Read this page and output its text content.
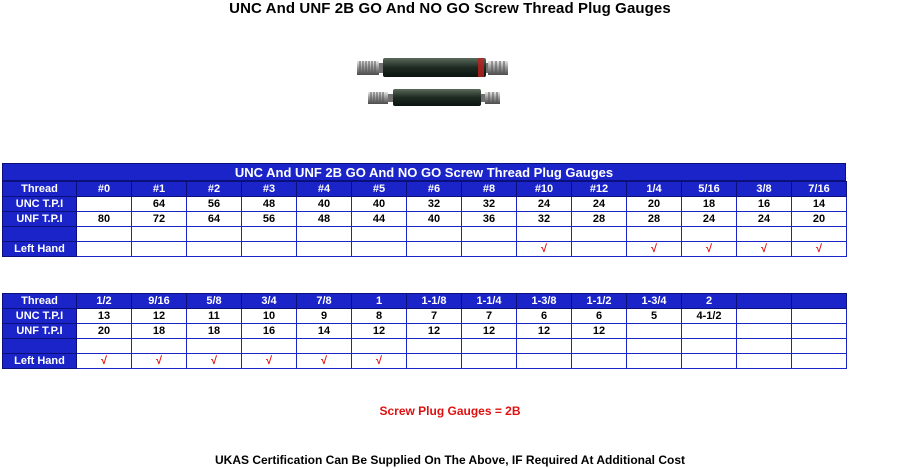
UNC And UNF 2B GO And NO GO Screw Thread Plug Gauges
UNC And UNF 2B GO And NO GO Screw Thread Plug Gauges
Thread	#0	#1	#2	#3	#4	#5	#6	#8	#10	#12	1/4	5/16	3/8	7/16
UNC T.P.I		64	56	48	40	40	32	32	24	24	20	18	16	14
UNF T.P.I	80	72	64	56	48	44	40	36	32	28	28	24	24	20

Left Hand									√		√	√	√	√
Thread	1/2	9/16	5/8	3/4	7/8	1	1-1/8	1-1/4	1-3/8	1-1/2	1-3/4	2		
UNC T.P.I	13	12	11	10	9	8	7	7	6	6	5	4-1/2		
UNF T.P.I	20	18	18	16	14	12	12	12	12	12				

Left Hand	√	√	√	√	√	√								
Screw Plug Gauges = 2B
UKAS Certification Can Be Supplied On The Above, IF Required At Additional Cost
